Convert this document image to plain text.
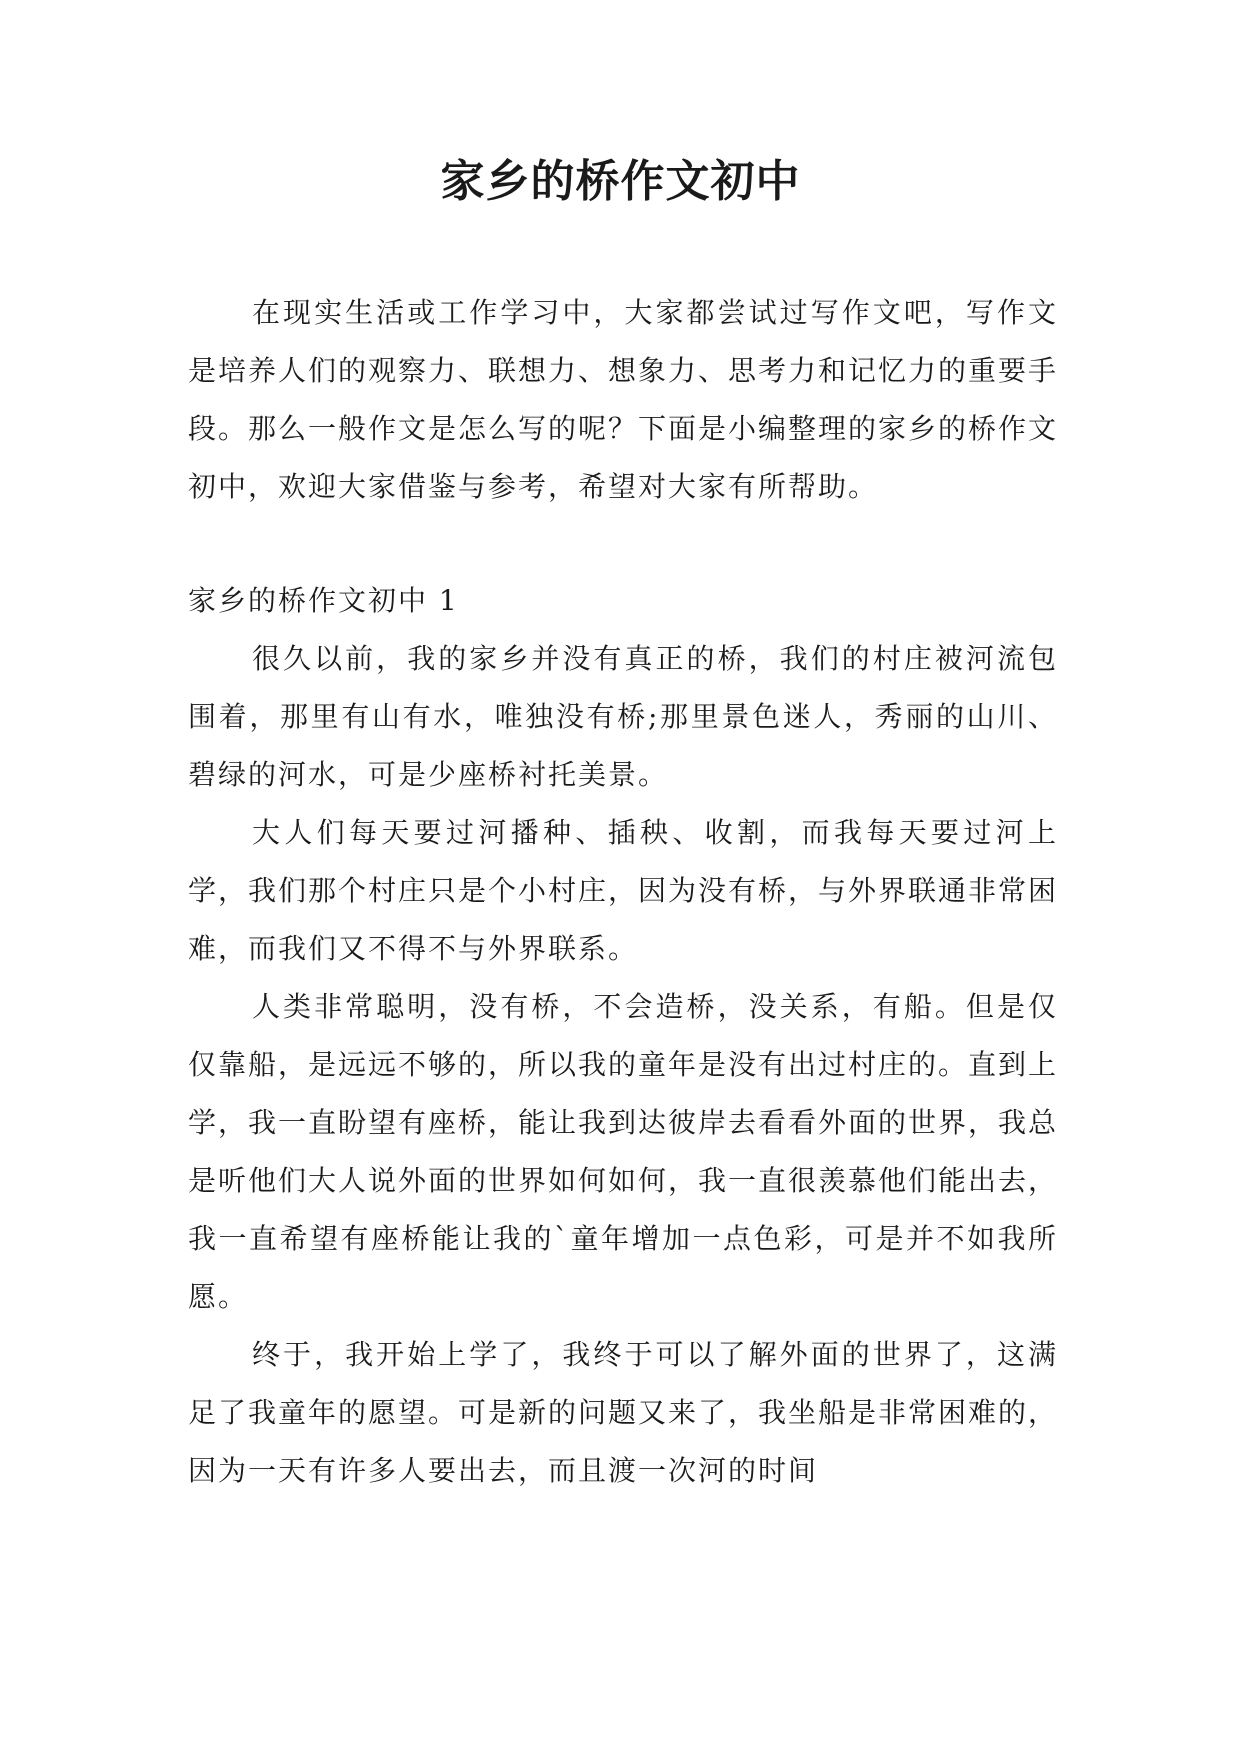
家乡的桥作文初中

在现实生活或工作学习中，大家都尝试过写作文吧，写作文是培养人们的观察力、联想力、想象力、思考力和记忆力的重要手段。那么一般作文是怎么写的呢？下面是小编整理的家乡的桥作文初中，欢迎大家借鉴与参考，希望对大家有所帮助。

家乡的桥作文初中 1

很久以前，我的家乡并没有真正的桥，我们的村庄被河流包围着，那里有山有水，唯独没有桥;那里景色迷人，秀丽的山川、碧绿的河水，可是少座桥衬托美景。

大人们每天要过河播种、插秧、收割，而我每天要过河上学，我们那个村庄只是个小村庄，因为没有桥，与外界联通非常困难，而我们又不得不与外界联系。

人类非常聪明，没有桥，不会造桥，没关系，有船。但是仅仅靠船，是远远不够的，所以我的童年是没有出过村庄的。直到上学，我一直盼望有座桥，能让我到达彼岸去看看外面的世界，我总是听他们大人说外面的世界如何如何，我一直很羡慕他们能出去，我一直希望有座桥能让我的`童年增加一点色彩，可是并不如我所愿。

终于，我开始上学了，我终于可以了解外面的世界了，这满足了我童年的愿望。可是新的问题又来了，我坐船是非常困难的，因为一天有许多人要出去，而且渡一次河的时间
